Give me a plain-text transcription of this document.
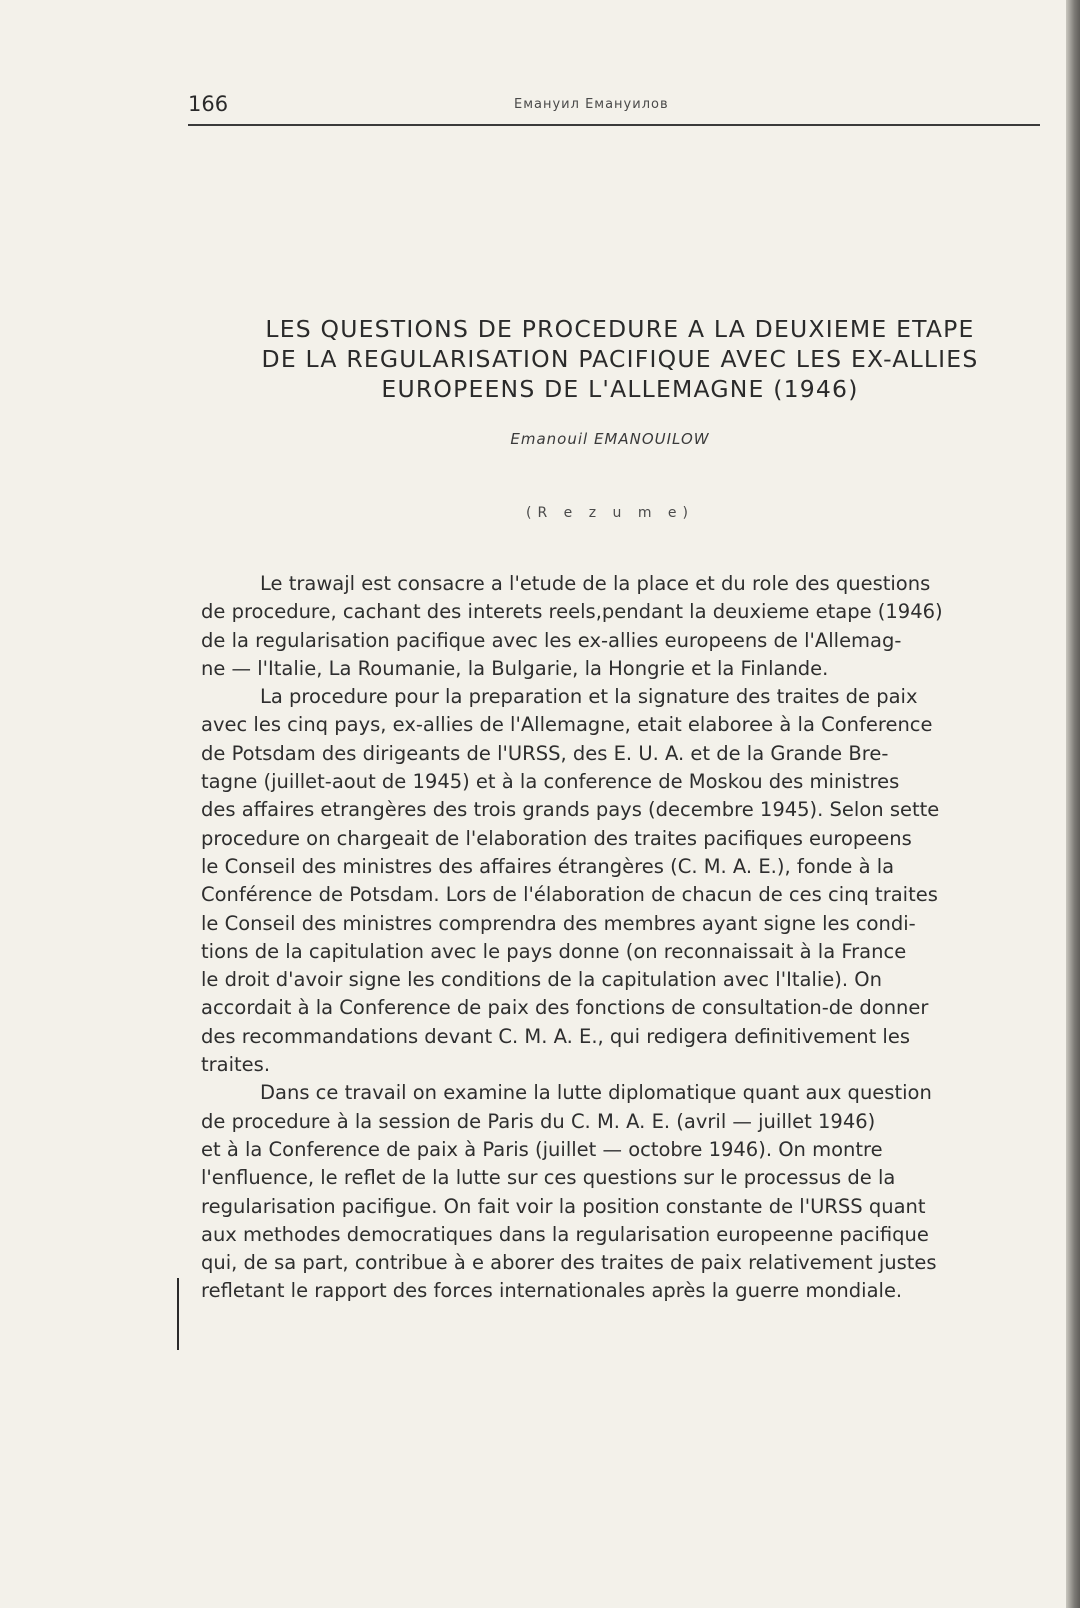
166	Емануил Емануилов
LES QUESTIONS DE PROCEDURE A LA DEUXIEME ETAPE
DE LA REGULARISATION PACIFIQUE AVEC LES EX-ALLIES
EUROPEENS DE L'ALLEMAGNE (1946)
Emanouil EMANOUILOW
(R e z u m e)
Le trawajl est consacre a l'etude de la place et du role des questions
de procedure, cachant des interets reels,pendant la deuxieme etape (1946)
de la regularisation pacifique avec les ex-allies europeens de l'Allemag-
ne — l'Italie, La Roumanie, la Bulgarie, la Hongrie et la Finlande.
La procedure pour la preparation et la signature des traites de paix
avec les cinq pays, ex-allies de l'Allemagne, etait elaboree à la Conference
de Potsdam des dirigeants de l'URSS, des E. U. A. et de la Grande Bre-
tagne (juillet-aout de 1945) et à la conference de Moskou des ministres
des affaires etrangères des trois grands pays (decembre 1945). Selon sette
procedure on chargeait de l'elaboration des traites pacifiques europeens
le Conseil des ministres des affaires étrangères (C. M. A. E.), fonde à la
Conférence de Potsdam. Lors de l'élaboration de chacun de ces cinq traites
le Conseil des ministres comprendra des membres ayant signe les condi-
tions de la capitulation avec le pays donne (on reconnaissait à la France
le droit d'avoir signe les conditions de la capitulation avec l'Italie). On
accordait à la Conference de paix des fonctions de consultation-de donner
des recommandations devant C. M. A. E., qui redigera definitivement les
traites.
Dans ce travail on examine la lutte diplomatique quant aux question
de procedure à la session de Paris du C. M. A. E. (avril — juillet 1946)
et à la Conference de paix à Paris (juillet — octobre 1946). On montre
l'enfluence, le reflet de la lutte sur ces questions sur le processus de la
regularisation pacifigue. On fait voir la position constante de l'URSS quant
aux methodes democratiques dans la regularisation europeenne pacifique
qui, de sa part, contribue à e aborer des traites de paix relativement justes
refletant le rapport des forces internationales après la guerre mondiale.
